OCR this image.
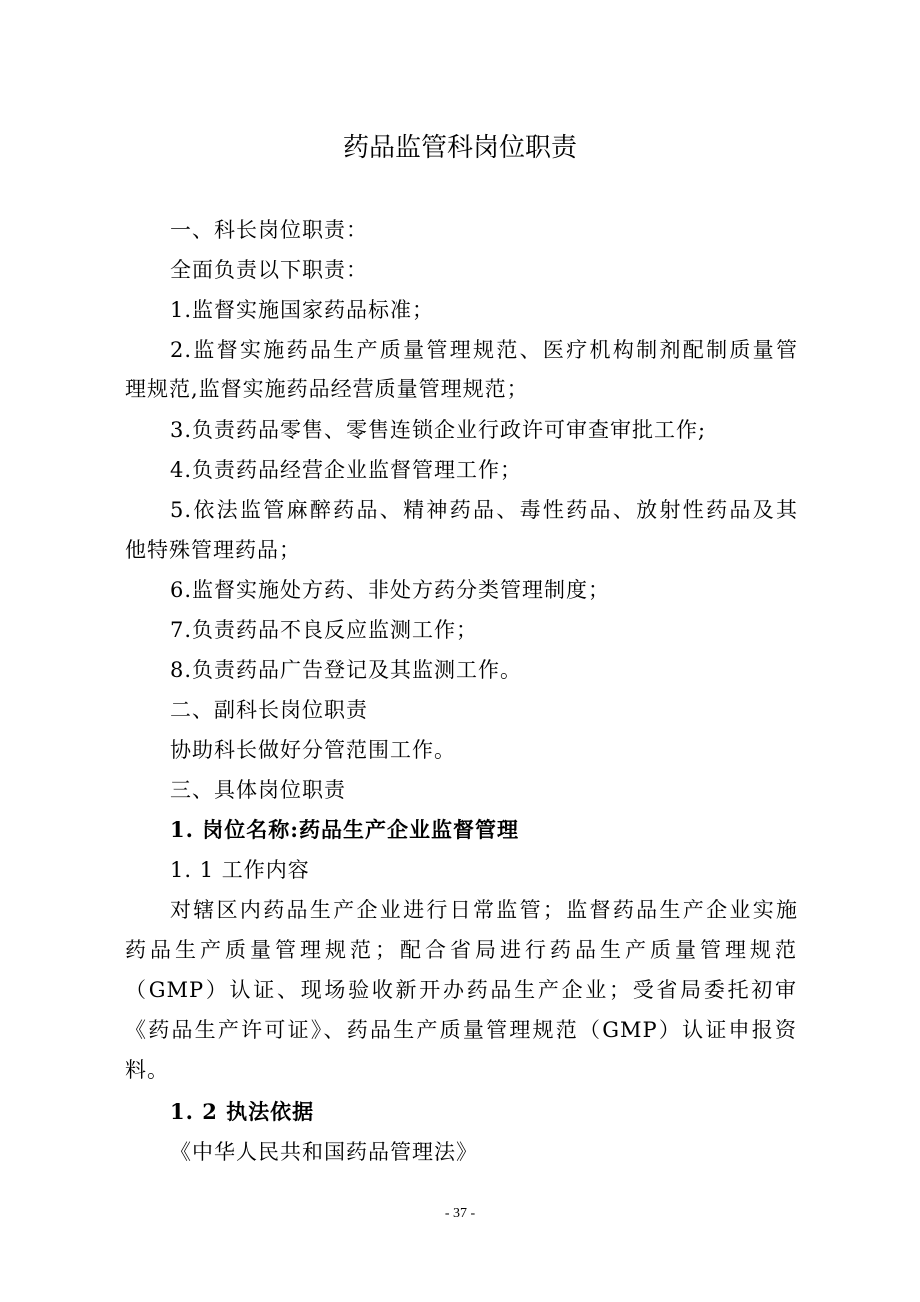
药品监管科岗位职责
一、科长岗位职责：
全面负责以下职责：
1.监督实施国家药品标准；
2.监督实施药品生产质量管理规范、医疗机构制剂配制质量管
理规范,监督实施药品经营质量管理规范；
3.负责药品零售、零售连锁企业行政许可审查审批工作;
4.负责药品经营企业监督管理工作；
5.依法监管麻醉药品、精神药品、毒性药品、放射性药品及其
他特殊管理药品；
6.监督实施处方药、非处方药分类管理制度；
7.负责药品不良反应监测工作；
8.负责药品广告登记及其监测工作。
二、副科长岗位职责
协助科长做好分管范围工作。
三、具体岗位职责
1. 岗位名称:药品生产企业监督管理
1. 1 工作内容
对辖区内药品生产企业进行日常监管；监督药品生产企业实施
药品生产质量管理规范；配合省局进行药品生产质量管理规范
（GMP）认证、现场验收新开办药品生产企业；受省局委托初审
《药品生产许可证》、药品生产质量管理规范（GMP）认证申报资
料。
1. 2 执法依据
《中华人民共和国药品管理法》
- 37 -
